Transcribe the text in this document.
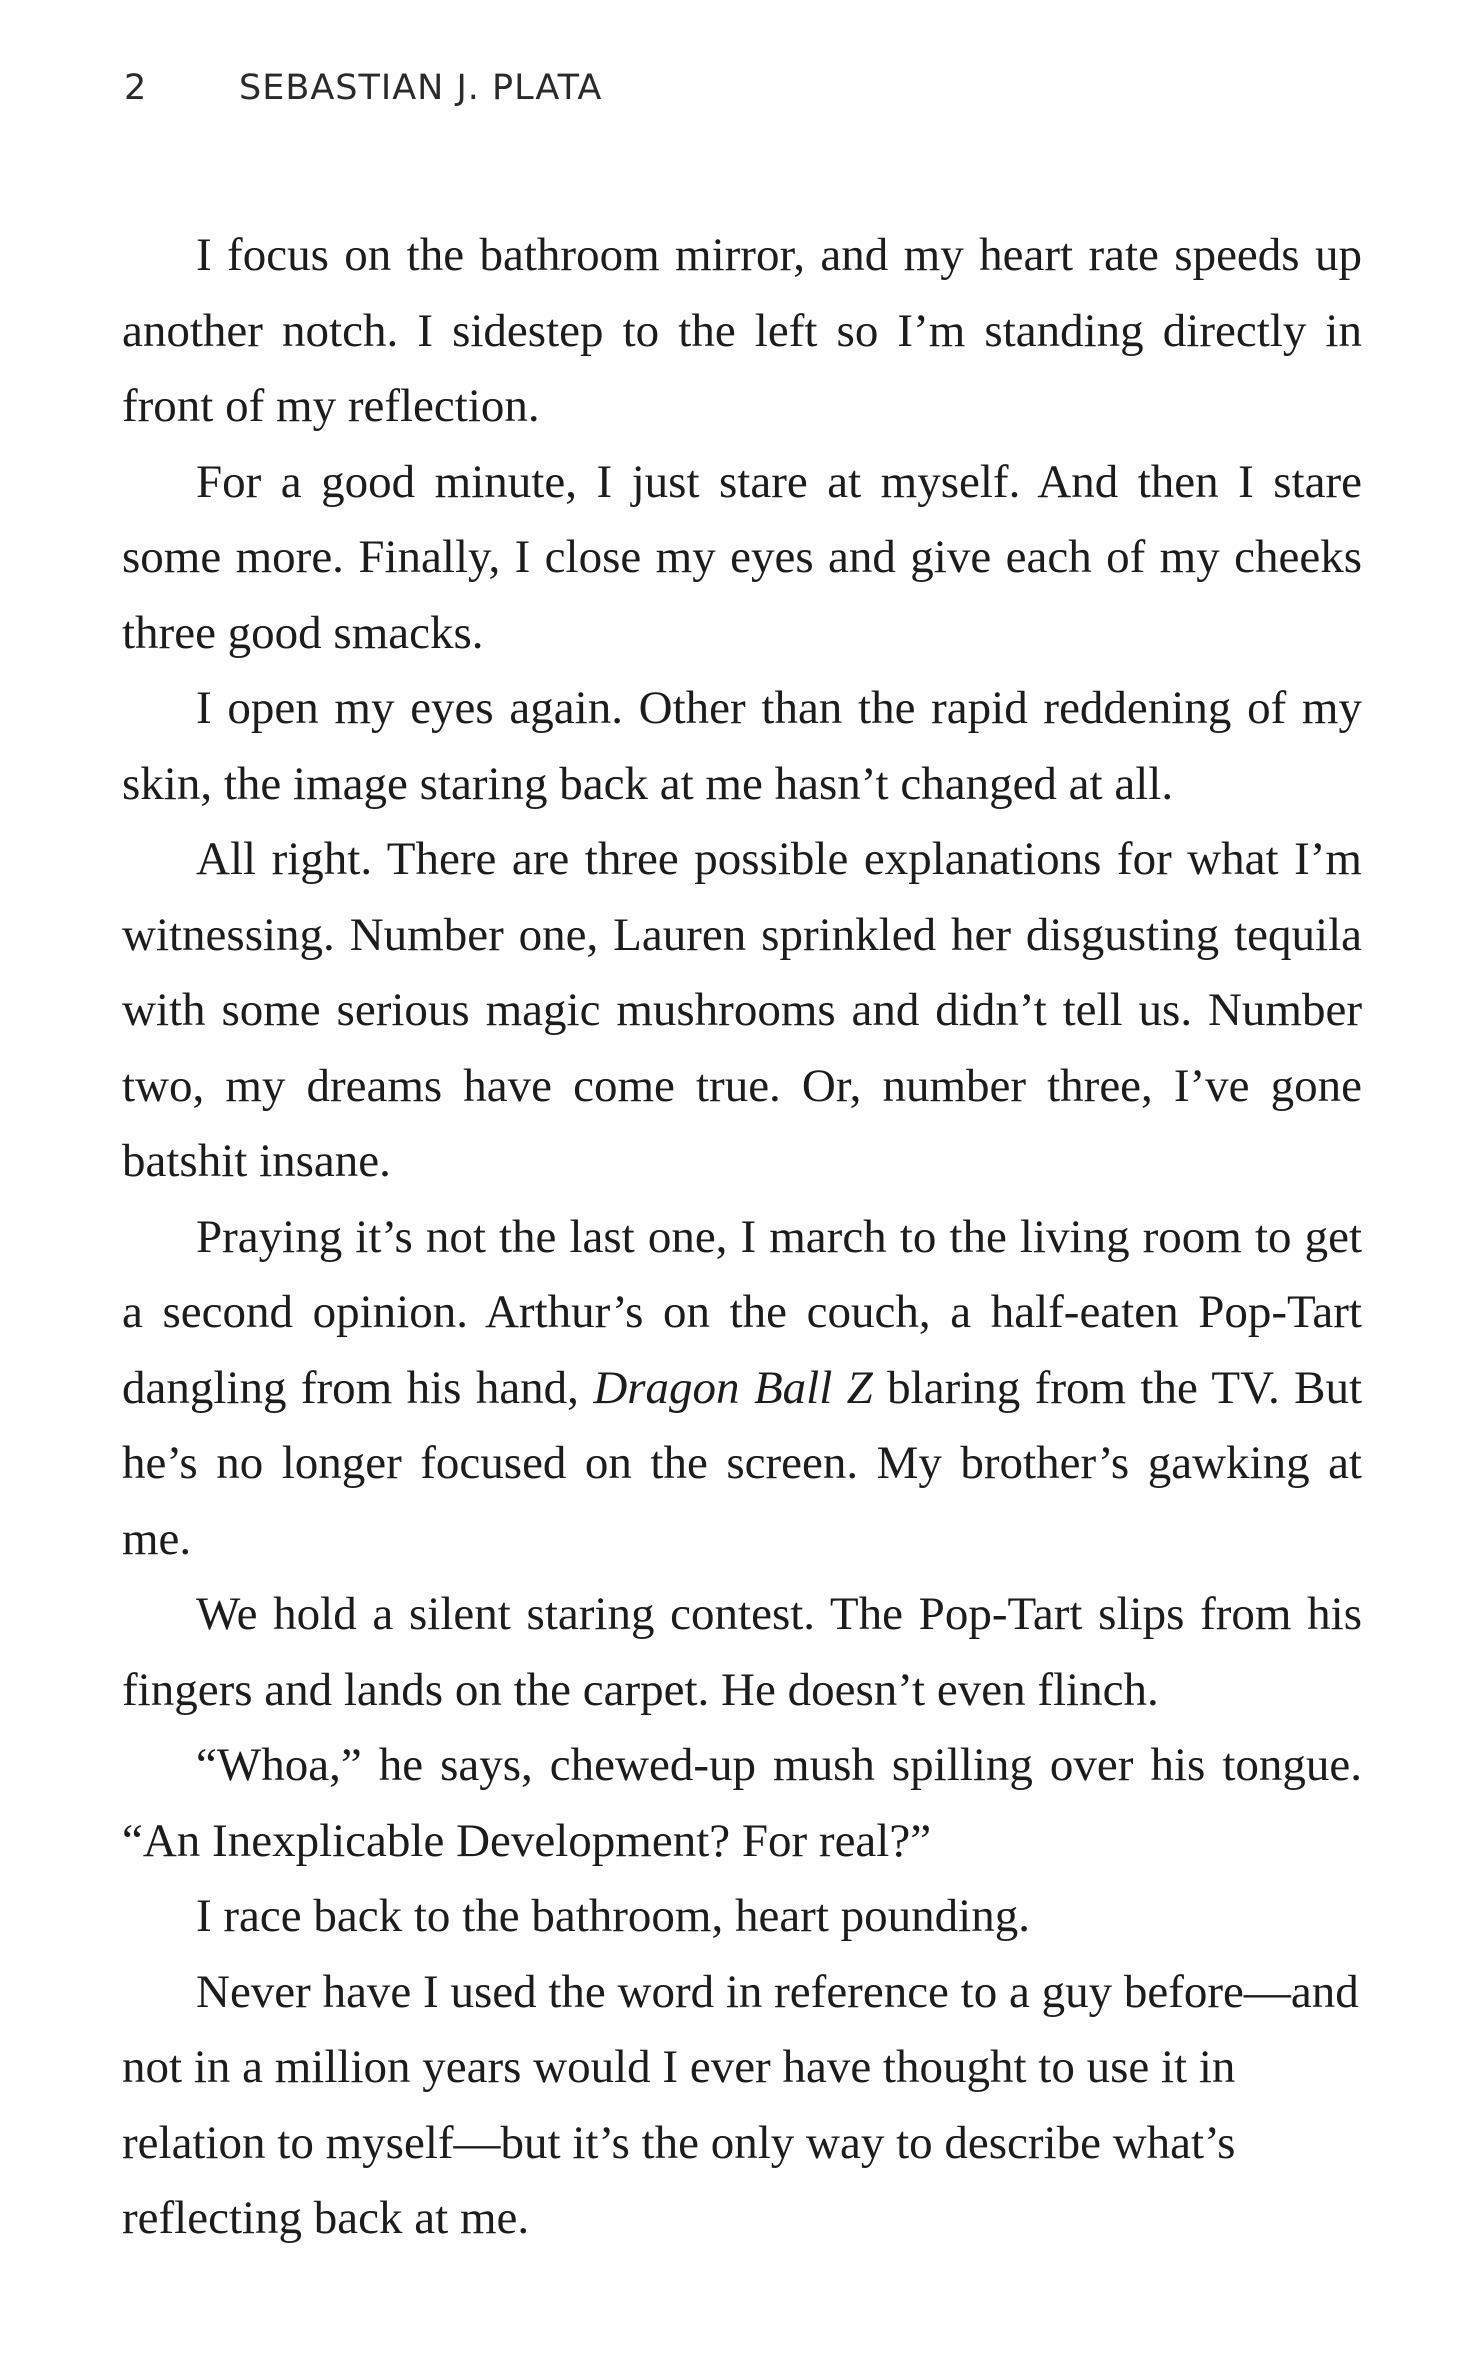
2	SEBASTIAN J. PLATA

I focus on the bathroom mirror, and my heart rate speeds up another notch. I sidestep to the left so I’m standing directly in front of my reflection.

For a good minute, I just stare at myself. And then I stare some more. Finally, I close my eyes and give each of my cheeks three good smacks.

I open my eyes again. Other than the rapid reddening of my skin, the image staring back at me hasn’t changed at all.

All right. There are three possible explanations for what I’m witnessing. Number one, Lauren sprinkled her disgusting tequila with some serious magic mushrooms and didn’t tell us. Number two, my dreams have come true. Or, number three, I’ve gone batshit insane.

Praying it’s not the last one, I march to the living room to get a second opinion. Arthur’s on the couch, a half-eaten Pop-Tart dangling from his hand, Dragon Ball Z blaring from the TV. But he’s no longer focused on the screen. My brother’s gawking at me.

We hold a silent staring contest. The Pop-Tart slips from his fingers and lands on the carpet. He doesn’t even flinch.

“Whoa,” he says, chewed-up mush spilling over his tongue. “An Inexplicable Development? For real?”

I race back to the bathroom, heart pounding.

Never have I used the word in reference to a guy before—and not in a million years would I ever have thought to use it in relation to myself—but it’s the only way to describe what’s reflecting back at me.
